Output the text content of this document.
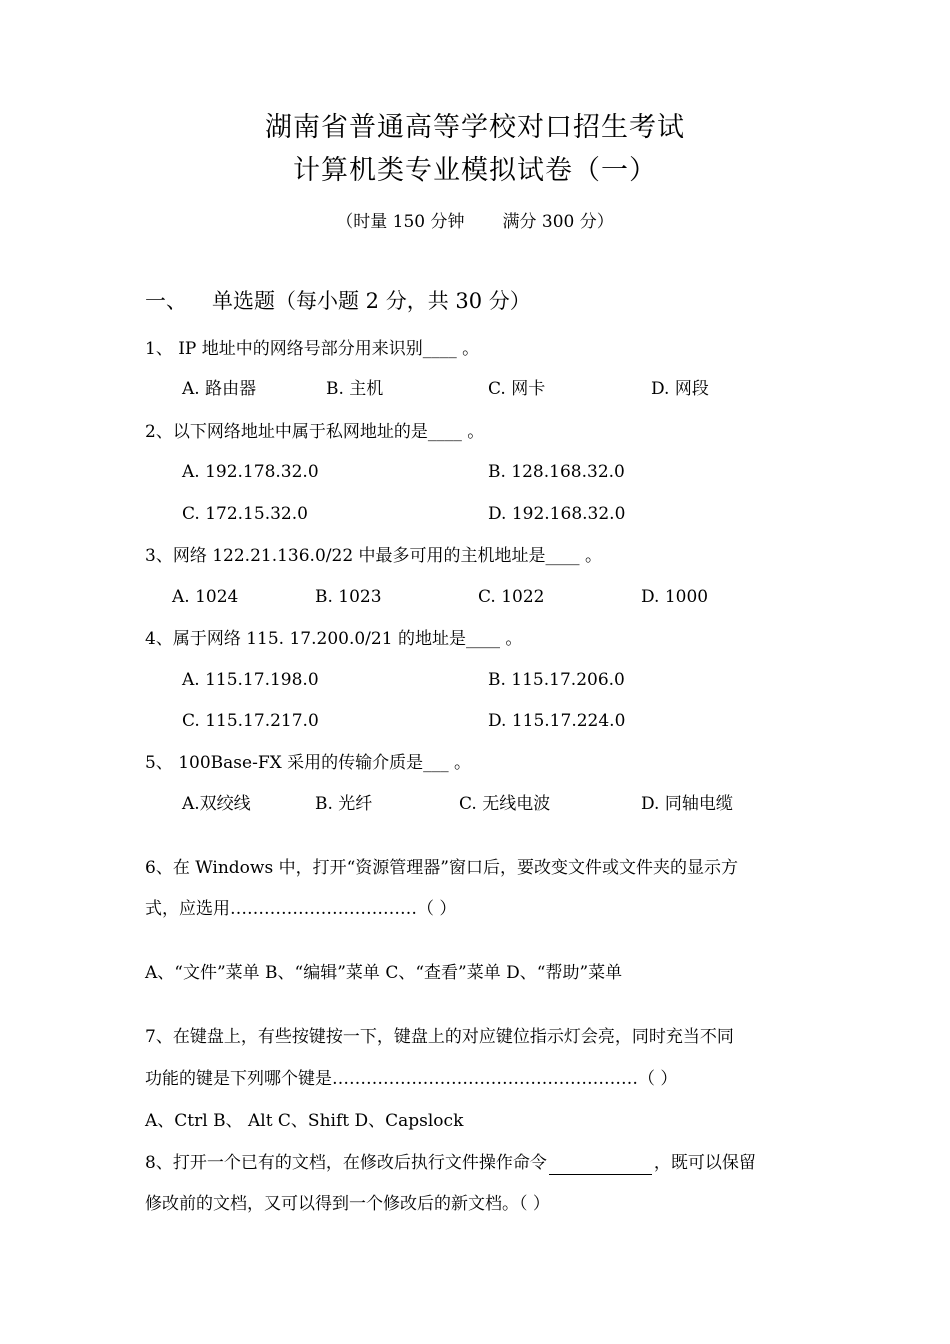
湖南省普通高等学校对口招生考试
计算机类专业模拟试卷（一）
（时量 150 分钟 满分 300 分）
一、 单选题（每小题 2 分，共 30 分）
1、 IP 地址中的网络号部分用来识别____ 。
A. 路由器	B. 主机	C. 网卡	D. 网段
2、以下网络地址中属于私网地址的是____ 。
A. 192.178.32.0	B. 128.168.32.0
C. 172.15.32.0	D. 192.168.32.0
3、网络 122.21.136.0/22 中最多可用的主机地址是____ 。
A. 1024	B. 1023	C. 1022	D. 1000
4、属于网络 115. 17.200.0/21 的地址是____ 。
A. 115.17.198.0	B. 115.17.206.0
C. 115.17.217.0	D. 115.17.224.0
5、 100Base-FX 采用的传输介质是___ 。
A.双绞线	B. 光纤	C. 无线电波	D. 同轴电缆
6、在 Windows 中，打开“资源管理器”窗口后，要改变文件或文件夹的显示方
式，应选用……………………………（ ）
A、“文件”菜单 B、“编辑”菜单 C、“查看”菜单 D、“帮助”菜单
7、在键盘上，有些按键按一下，键盘上的对应键位指示灯会亮，同时充当不同
功能的键是下列哪个键是………………………………………………（ ）
A、Ctrl B、 Alt C、Shift D、Capslock
8、打开一个已有的文档，在修改后执行文件操作命令	，既可以保留
修改前的文档，又可以得到一个修改后的新文档。（ ）
